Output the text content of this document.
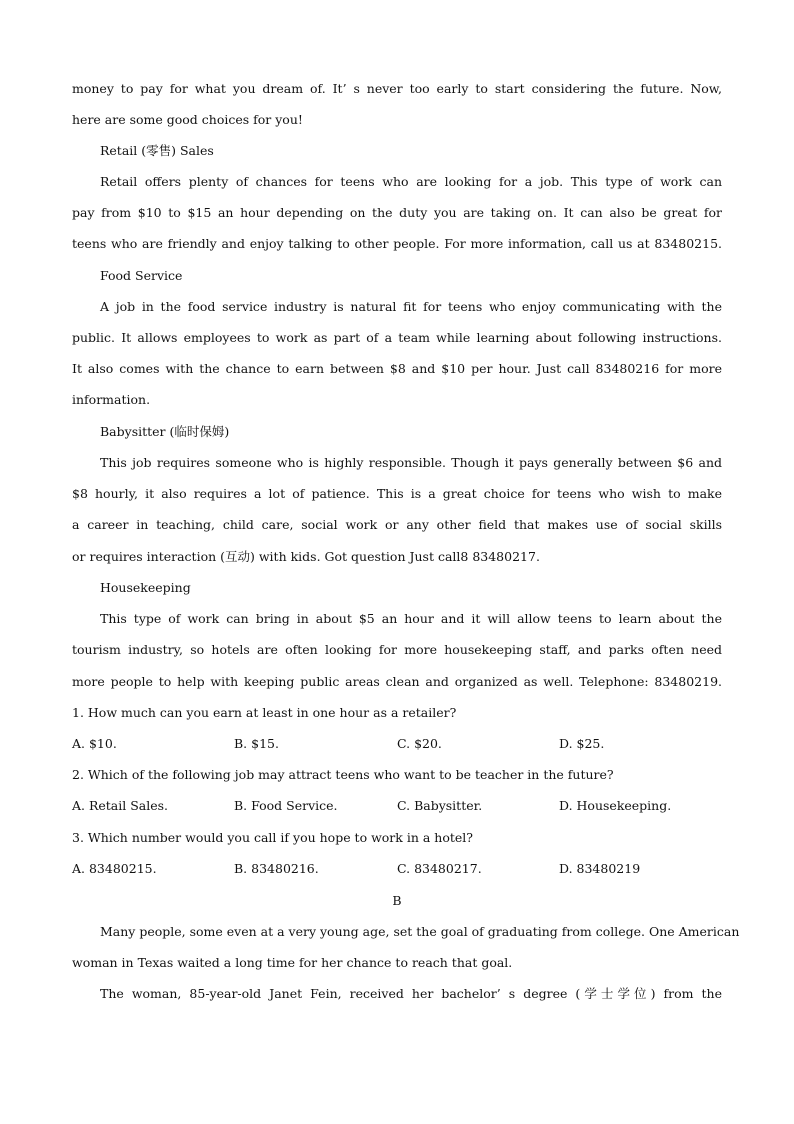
money to pay for what you dream of. It’ s never too early to start considering the future. Now,
here are some good choices for you!
Retail (零售) Sales
Retail offers plenty of chances for teens who are looking for a job. This type of work can
pay from $10 to $15 an hour depending on the duty you are taking on. It can also be great for
teens who are friendly and enjoy talking to other people. For more information, call us at 83480215.
Food Service
A job in the food service industry is natural fit for teens who enjoy communicating with the
public. It allows employees to work as part of a team while learning about following instructions.
It also comes with the chance to earn between $8 and $10 per hour. Just call 83480216 for more
information.
Babysitter (临时保姆)
This job requires someone who is highly responsible. Though it pays generally between $6 and
$8 hourly, it also requires a lot of patience. This is a great choice for teens who wish to make
a career in teaching, child care, social work or any other field that makes use of social skills
or requires interaction (互动) with kids. Got question Just call8 83480217.
Housekeeping
This type of work can bring in about $5 an hour and it will allow teens to learn about the
tourism industry, so hotels are often looking for more housekeeping staff, and parks often need
more people to help with keeping public areas clean and organized as well. Telephone: 83480219.
1. How much can you earn at least in one hour as a retailer?
A. $10.	B. $15.	C. $20.	D. $25.
2. Which of the following job may attract teens who want to be teacher in the future?
A. Retail Sales.	B. Food Service.	C. Babysitter.	D. Housekeeping.
3. Which number would you call if you hope to work in a hotel?
A. 83480215.	B. 83480216.	C. 83480217.	D. 83480219
B
Many people, some even at a very young age, set the goal of graduating from college. One American
woman in Texas waited a long time for her chance to reach that goal.
The woman, 85-year-old Janet Fein, received her bachelor’ s degree (学士学位) from the
